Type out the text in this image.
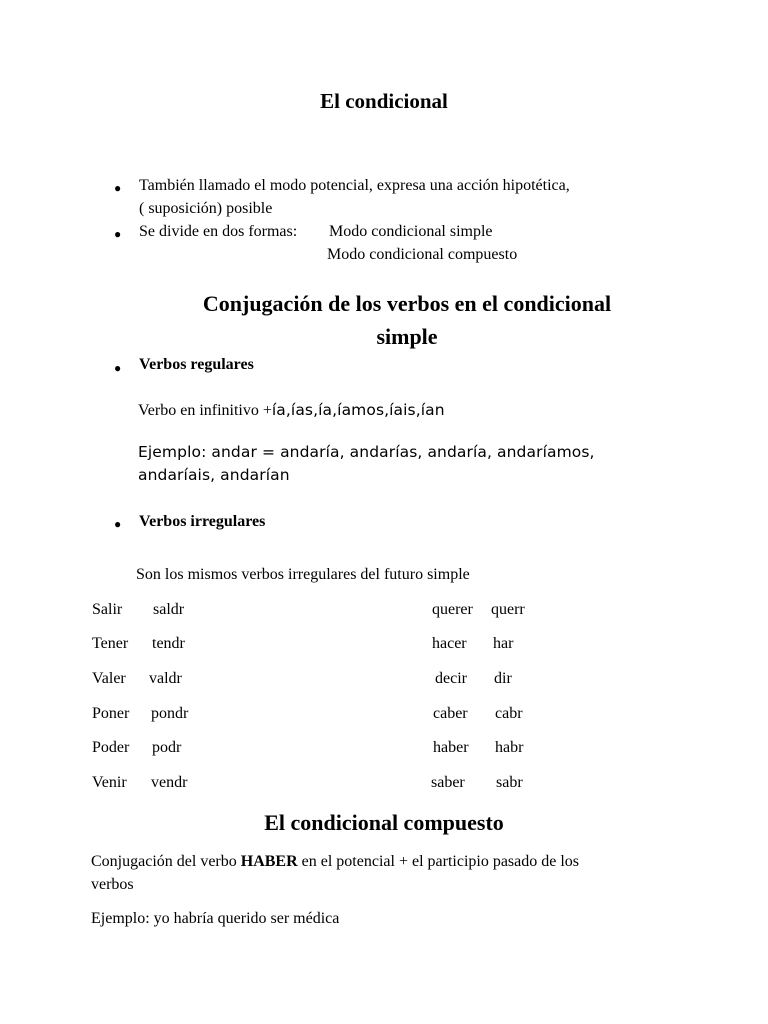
El condicional
● También llamado el modo potencial, expresa una acción hipotética,
( suposición) posible
● Se divide en dos formas: Modo condicional simple
Modo condicional compuesto
Conjugación de los verbos en el condicional
simple
● Verbos regulares
Verbo en infinitivo +ía,ías,ía,íamos,íais,ían
Ejemplo: andar = andaría, andarías, andaría, andaríamos,
andaríais, andarían
● Verbos irregulares
Son los mismos verbos irregulares del futuro simple
Salir saldr	querer querr
Tener tendr	hacer har
Valer valdr	decir dir
Poner pondr	caber cabr
Poder podr	haber habr
Venir vendr	saber sabr
El condicional compuesto
Conjugación del verbo HABER en el potencial + el participio pasado de los
verbos
Ejemplo: yo habría querido ser médica
